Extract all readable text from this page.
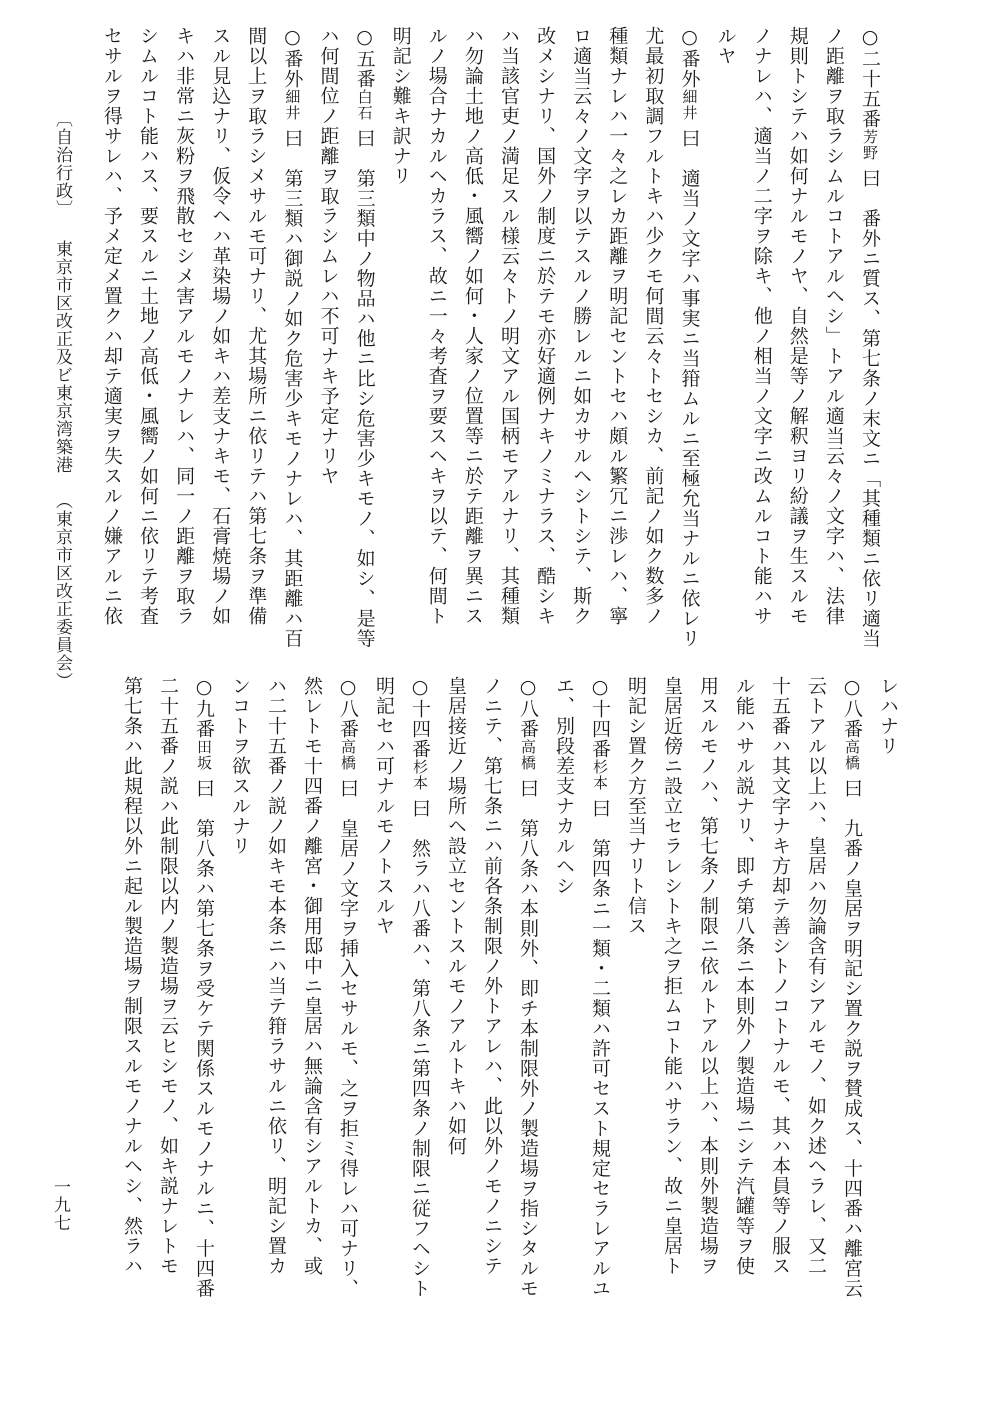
○二十五番芳野 曰　番外ニ質ス、第七条ノ末文ニ「其種類ニ依リ適当
ノ距離ヲ取ラシムルコトアルヘシ」トアル適当云々ノ文字ハ、法律
規則トシテハ如何ナルモノヤ、自然是等ノ解釈ヨリ紛議ヲ生スルモ
ノナレハ、適当ノ二字ヲ除キ、他ノ相当ノ文字ニ改ムルコト能ハサ
ルヤ
○番外細井 曰　適当ノ文字ハ事実ニ当箝ムルニ至極允当ナルニ依レリ
尤最初取調フルトキハ少クモ何間云々トセシカ、前記ノ如ク数多ノ
種類ナレハ一々之レカ距離ヲ明記セントセハ頗ル繁冗ニ渉レハ、寧
ロ適当云々ノ文字ヲ以テスルノ勝レルニ如カサルヘシトシテ、斯ク
改メシナリ、国外ノ制度ニ於テモ亦好適例ナキノミナラス、酷シキ
ハ当該官吏ノ満足スル様云々トノ明文アル国柄モアルナリ、其種類
ハ勿論土地ノ高低・風嚮ノ如何・人家ノ位置等ニ於テ距離ヲ異ニス
ルノ場合ナカルヘカラス、故ニ一々考査ヲ要スヘキヲ以テ、何間ト
明記シ難キ訳ナリ
○五番白石 曰　第三類中ノ物品ハ他ニ比シ危害少キモノ、如シ、是等
ハ何間位ノ距離ヲ取ラシムレハ不可ナキ予定ナリヤ
○番外細井 曰　第三類ハ御説ノ如ク危害少キモノナレハ、其距離ハ百
間以上ヲ取ラシメサルモ可ナリ、尤其場所ニ依リテハ第七条ヲ準備
スル見込ナリ、仮令ヘハ革染場ノ如キハ差支ナキモ、石膏焼場ノ如
キハ非常ニ灰粉ヲ飛散セシメ害アルモノナレハ、同一ノ距離ヲ取ラ
シムルコト能ハス、要スルニ土地ノ高低・風嚮ノ如何ニ依リテ考査
セサルヲ得サレハ、予メ定メ置クハ却テ適実ヲ失スルノ嫌アルニ依
レハナリ
○八番高橋 曰　九番ノ皇居ヲ明記シ置ク説ヲ賛成ス、十四番ハ離宮云
云トアル以上ハ、皇居ハ勿論含有シアルモノ、如ク述ヘラレ、又二
十五番ハ其文字ナキ方却テ善シトノコトナルモ、其ハ本員等ノ服ス
ル能ハサル説ナリ、即チ第八条ニ本則外ノ製造場ニシテ汽罐等ヲ使
用スルモノハ、第七条ノ制限ニ依ルトアル以上ハ、本則外製造場ヲ
皇居近傍ニ設立セラレシトキ之ヲ拒ムコト能ハサラン、故ニ皇居ト
明記シ置ク方至当ナリト信ス
○十四番杉本 曰　第四条ニ一類・二類ハ許可セスト規定セラレアルユ
エ、別段差支ナカルヘシ
○八番高橋 曰　第八条ハ本則外、即チ本制限外ノ製造場ヲ指シタルモ
ノニテ、第七条ニハ前各条制限ノ外トアレハ、此以外ノモノニシテ
皇居接近ノ場所ヘ設立セントスルモノアルトキハ如何
○十四番杉本 曰　然ラハ八番ハ、第八条ニ第四条ノ制限ニ従フヘシト
明記セハ可ナルモノトスルヤ
○八番高橋 曰　皇居ノ文字ヲ挿入セサルモ、之ヲ拒ミ得レハ可ナリ、
然レトモ十四番ノ離宮・御用邸中ニ皇居ハ無論含有シアルトカ、或
ハ二十五番ノ説ノ如キモ本条ニハ当テ箝ラサルニ依リ、明記シ置カ
ンコトヲ欲スルナリ
○九番田坂 曰　第八条ハ第七条ヲ受ケテ関係スルモノナルニ、十四番
二十五番ノ説ハ此制限以内ノ製造場ヲ云ヒシモノ、如キ説ナレトモ
第七条ハ此規程以外ニ起ル製造場ヲ制限スルモノナルヘシ、然ラハ
〔自治行政〕東京市区改正及ビ東京湾築港（東京市区改正委員会）
一九七
